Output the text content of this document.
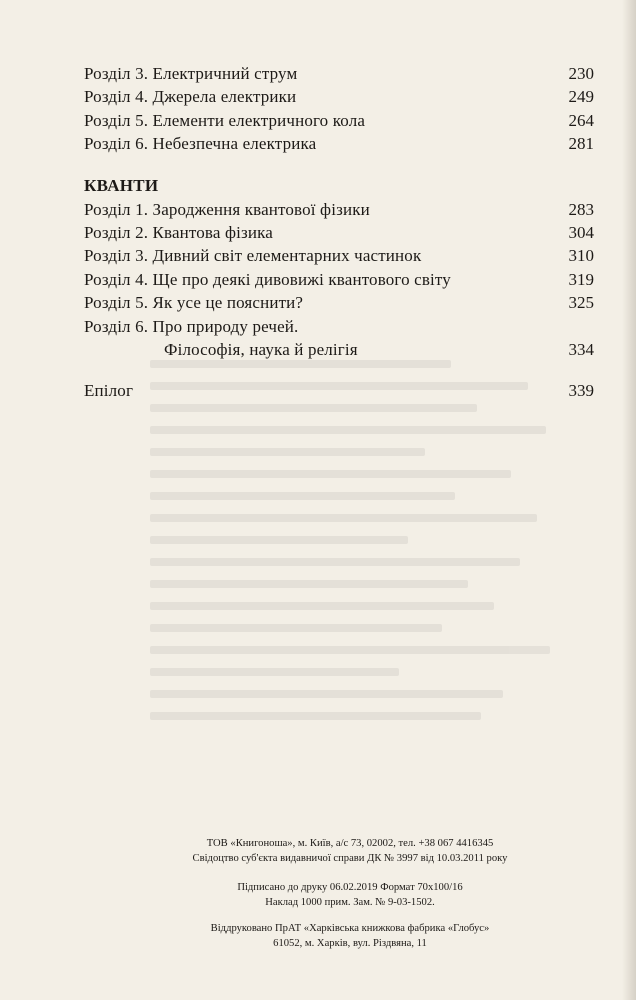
Розділ 3. Електричний струм	230
Розділ 4. Джерела електрики	249
Розділ 5. Елементи електричного кола	264
Розділ 6. Небезпечна електрика	281
КВАНТИ
Розділ 1. Зародження квантової фізики	283
Розділ 2. Квантова фізика	304
Розділ 3. Дивний світ елементарних частинок	310
Розділ 4. Ще про деякі дивовижі квантового світу	319
Розділ 5. Як усе це пояснити?	325
Розділ 6. Про природу речей.
Філософія, наука й релігія	334
Епілог	339
ТОВ «Книгоноша», м. Київ, а/с 73, 02002, тел. +38 067 4416345
Свідоцтво суб'єкта видавничої справи ДК № 3997 від 10.03.2011 року
Підписано до друку 06.02.2019 Формат 70х100/16
Наклад 1000 прим. Зам. № 9-03-1502.
Віддруковано ПрАТ «Харківська книжкова фабрика «Глобус»
61052, м. Харків, вул. Різдвяна, 11
